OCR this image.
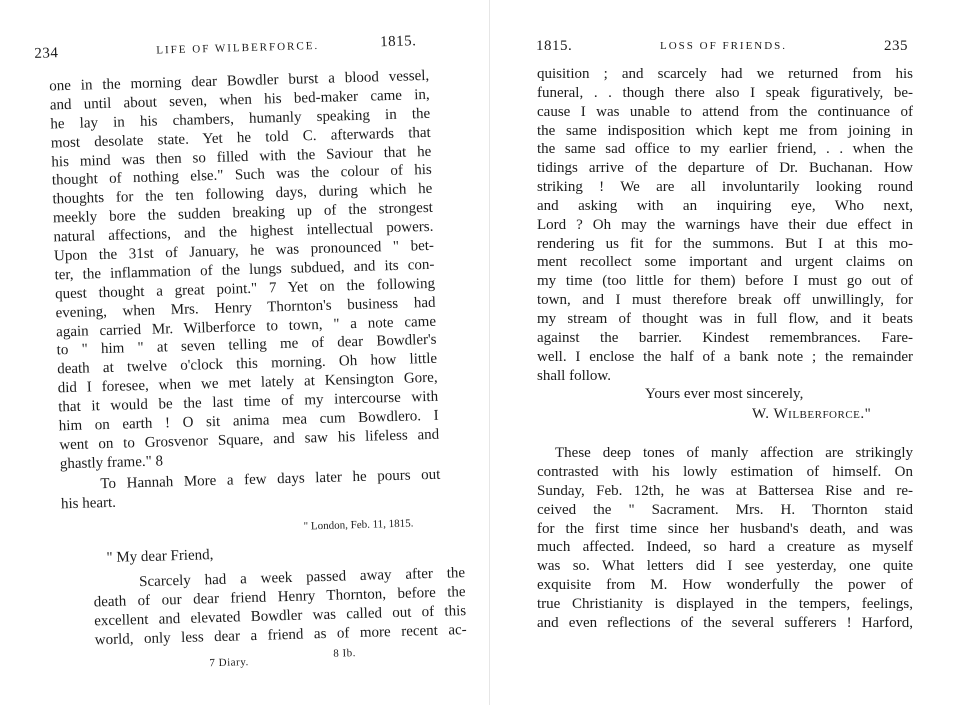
234	LIFE OF WILBERFORCE.	1815.
one in the morning dear Bowdler burst a blood vessel,
and until about seven, when his bed-maker came in,
he lay in his chambers, humanly speaking in the
most desolate state. Yet he told C. afterwards that
his mind was then so filled with the Saviour that he
thought of nothing else." Such was the colour of his
thoughts for the ten following days, during which he
meekly bore the sudden breaking up of the strongest
natural affections, and the highest intellectual powers.
Upon the 31st of January, he was pronounced " bet-
ter, the inflammation of the lungs subdued, and its con-
quest thought a great point." 7 Yet on the following
evening, when Mrs. Henry Thornton's business had
again carried Mr. Wilberforce to town, " a note came
to " him " at seven telling me of dear Bowdler's
death at twelve o'clock this morning. Oh how little
did I foresee, when we met lately at Kensington Gore,
that it would be the last time of my intercourse with
him on earth ! O sit anima mea cum Bowdlero. I
went on to Grosvenor Square, and saw his lifeless and
ghastly frame." 8
To Hannah More a few days later he pours out
his heart.
" London, Feb. 11, 1815.
" My dear Friend,
Scarcely had a week passed away after the
death of our dear friend Henry Thornton, before the
excellent and elevated Bowdler was called out of this
world, only less dear a friend as of more recent ac-
7 Diary.
8 Ib.
1815.	LOSS OF FRIENDS.	235
quisition ; and scarcely had we returned from his
funeral, . . though there also I speak figuratively, be-
cause I was unable to attend from the continuance of
the same indisposition which kept me from joining in
the same sad office to my earlier friend, . . when the
tidings arrive of the departure of Dr. Buchanan. How
striking ! We are all involuntarily looking round
and asking with an inquiring eye, Who next,
Lord ? Oh may the warnings have their due effect in
rendering us fit for the summons. But I at this mo-
ment recollect some important and urgent claims on
my time (too little for them) before I must go out of
town, and I must therefore break off unwillingly, for
my stream of thought was in full flow, and it beats
against the barrier. Kindest remembrances. Fare-
well. I enclose the half of a bank note ; the remainder
shall follow.
Yours ever most sincerely,
W. Wilberforce."
These deep tones of manly affection are strikingly
contrasted with his lowly estimation of himself. On
Sunday, Feb. 12th, he was at Battersea Rise and re-
ceived the " Sacrament. Mrs. H. Thornton staid
for the first time since her husband's death, and was
much affected. Indeed, so hard a creature as myself
was so. What letters did I see yesterday, one quite
exquisite from M. How wonderfully the power of
true Christianity is displayed in the tempers, feelings,
and even reflections of the several sufferers ! Harford,
